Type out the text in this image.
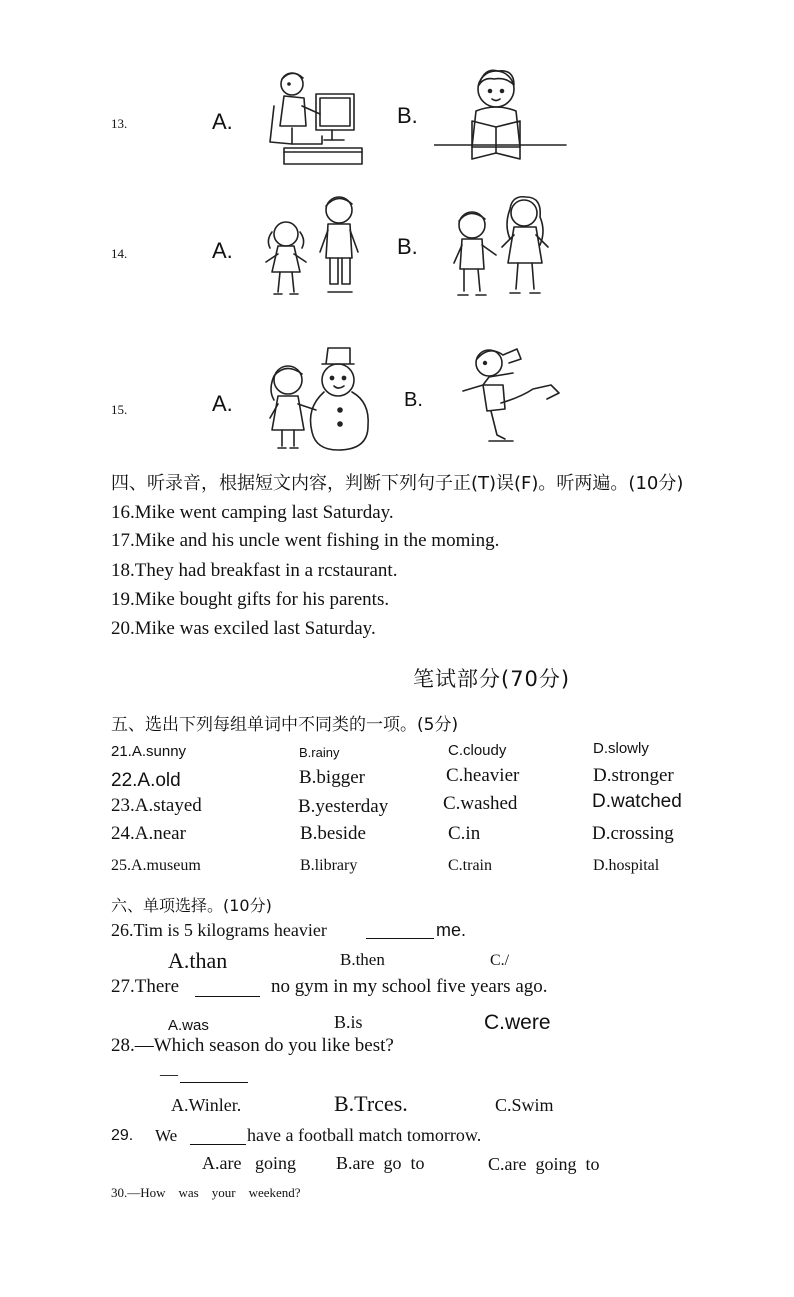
13.	A.	B.
14.	A.	B.
15.	A.	B.
四、听录音，根据短文内容，判断下列句子正(T)误(F)。听两遍。(10分)
16.Mike went camping last Saturday.
17.Mike and his uncle went fishing in the moming.
18.They had breakfast in a rcstaurant.
19.Mike bought gifts for his parents.
20.Mike was exciled last Saturday.
笔试部分(70分)
五、选出下列每组单词中不同类的一项。(5分)
21.A.sunny	B.rainy	C.cloudy	D.slowly
22.A.old	B.bigger	C.heavier	D.stronger
23.A.stayed	B.yesterday	C.washed	D.watched
24.A.near	B.beside	C.in	D.crossing
25.A.museum	B.library	C.train	D.hospital
六、单项选择。(10分)
26.Tim is 5 kilograms heavier	me.
A.than	B.then	C./
27.There	no gym in my school five years ago.
A.was	B.is	C.were
28.—Which season do you like best?
—
A.Winler.	B.Trces.	C.Swim
29. We	have a football match tomorrow.
A.are   going B.are  go  to	C.are  going  to
30.—How    was    your    weekend?
